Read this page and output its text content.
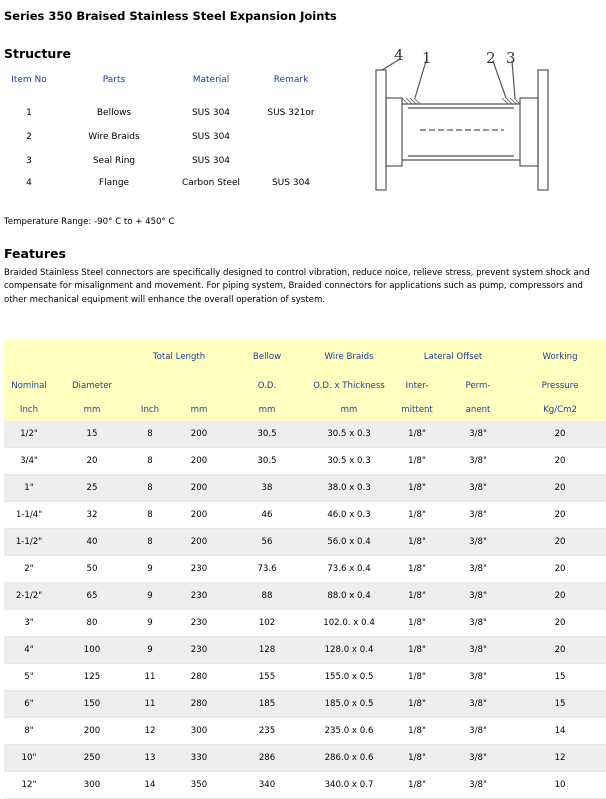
Series 350 Braised Stainless Steel Expansion Joints
Structure
Item No	Parts	Material	Remark

1	Bellows	SUS 304	SUS 321or
2	Wire Braids	SUS 304	
3	Seal Ring	SUS 304	
4	Flange	Carbon Steel	SUS 304
4 1	2 3
Temperature Range: -90° C to + 450° C
Features
Braided Stainless Steel connectors are specifically designed to control vibration, reduce noice, relieve stress, prevent system shock and compensate for misalignment and movement. For piping system, Braided connectors for applications such as pump, compressors and other mechanical equipment will enhance the overall operation of system.
		Total Length		Bellow	Wire Braids	Lateral Offset		Working
Nominal	Diameter			O.D.	O.D. x Thickness	Inter-	Perm-	Pressure
Inch	mm	Inch	mm	mm	mm	mittent	anent	Kg/Cm2
1/2"	15	8	200	30.5	30.5 x 0.3	1/8"	3/8"	20
3/4"	20	8	200	30.5	30.5 x 0.3	1/8"	3/8"	20
1"	25	8	200	38	38.0 x 0.3	1/8"	3/8"	20
1-1/4"	32	8	200	46	46.0 x 0.3	1/8"	3/8"	20
1-1/2"	40	8	200	56	56.0 x 0.4	1/8"	3/8"	20
2"	50	9	230	73.6	73.6 x 0.4	1/8"	3/8"	20
2-1/2"	65	9	230	88	88.0 x 0.4	1/8"	3/8"	20
3"	80	9	230	102	102.0. x 0.4	1/8"	3/8"	20
4"	100	9	230	128	128.0 x 0.4	1/8"	3/8"	20
5"	125	11	280	155	155.0 x 0.5	1/8"	3/8"	15
6"	150	11	280	185	185.0 x 0.5	1/8"	3/8"	15
8"	200	12	300	235	235.0 x 0.6	1/8"	3/8"	14
10"	250	13	330	286	286.0 x 0.6	1/8"	3/8"	12
12"	300	14	350	340	340.0 x 0.7	1/8"	3/8"	10
